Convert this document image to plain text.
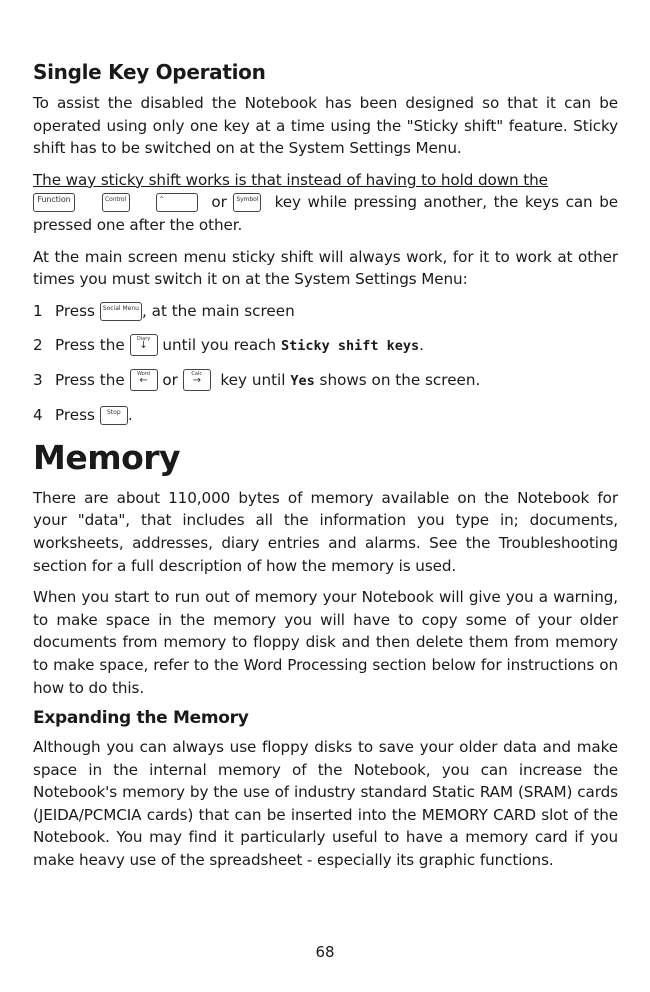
Single Key Operation

To assist the disabled the Notebook has been designed so that it can be operated using only one key at a time using the "Sticky shift" feature. Sticky shift has to be switched on at the System Settings Menu.

The way sticky shift works is that instead of having to hold down the
Function	Control	^	or Symbol key while pressing another, the keys can be pressed one after the other.

At the main screen menu sticky shift will always work, for it to work at other times you must switch it on at the System Settings Menu:

1 Press Social Menu , at the main screen
2 Press the	Diary
↓ until you reach Sticky shift keys.
3 Press the	Word
← or	Calc
→ key until Yes shows on the screen.
4 Press Stop .
Memory

There are about 110,000 bytes of memory available on the Notebook for your "data", that includes all the information you type in; documents, worksheets, addresses, diary entries and alarms. See the Troubleshooting section for a full description of how the memory is used.

When you start to run out of memory your Notebook will give you a warning, to make space in the memory you will have to copy some of your older documents from memory to floppy disk and then delete them from memory to make space, refer to the Word Processing section below for instructions on how to do this.

Expanding the Memory

Although you can always use floppy disks to save your older data and make space in the internal memory of the Notebook, you can increase the Notebook's memory by the use of industry standard Static RAM (SRAM) cards (JEIDA/PCMCIA cards) that can be inserted into the MEMORY CARD slot of the Notebook. You may find it particularly useful to have a memory card if you make heavy use of the spreadsheet - especially its graphic functions.

68
